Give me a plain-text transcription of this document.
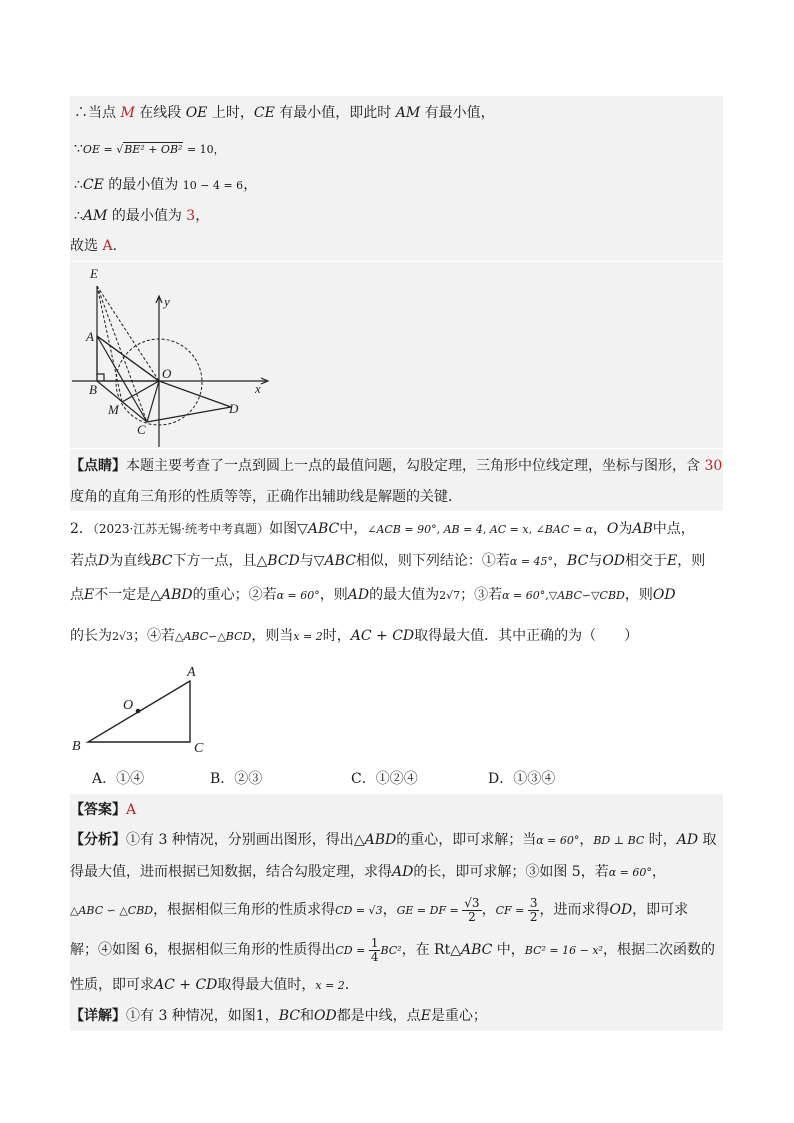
∴当点 M 在线段 OE 上时，CE 有最小值，即此时 AM 有最小值，
∵OE = √BE² + OB² = 10，
∴CE 的最小值为 10 − 4 = 6，
∴AM 的最小值为 3，
故选 A．
E
y
A
O
B	x
M	D
C
【点睛】本题主要考查了一点到圆上一点的最值问题，勾股定理，三角形中位线定理，坐标与图形，含 30
度角的直角三角形的性质等等，正确作出辅助线是解题的关键．
2．（2023·江苏无锡·统考中考真题）如图▽ABC中，∠ACB = 90°, AB = 4, AC = x, ∠BAC = α，O为AB中点，
若点D为直线BC下方一点，且△BCD与▽ABC相似，则下列结论：①若α = 45°，BC与OD相交于E，则
点E不一定是△ABD的重心；②若α = 60°，则AD的最大值为2√7；③若α = 60°,▽ABC∽▽CBD，则OD
的长为2√3；④若△ABC∽△BCD，则当x = 2时，AC + CD取得最大值．其中正确的为（　　）
A
O
B	C
A．①④	B．②③	C．①②④	D．①③④
【答案】A
【分析】①有 3 种情况，分别画出图形，得出△ABD的重心，即可求解；当α = 60°，BD ⊥ BC 时，AD 取
得最大值，进而根据已知数据，结合勾股定理，求得AD的长，即可求解；③如图 5，若α = 60°，
△ABC ∽ △CBD，根据相似三角形的性质求得CD = √3，GE = DF = $\frac{√3}{2}$ ，CF = $\frac{3}{2}$ ，进而求得OD，即可求
解；④如图 6，根据相似三角形的性质得出CD = $\frac{1}{4} BC^2$，在 Rt△ABC 中，BC² = 16 − x²，根据二次函数的
性质，即可求AC + CD取得最大值时，x = 2．
【详解】①有 3 种情况，如图1，BC和OD都是中线，点E是重心；
